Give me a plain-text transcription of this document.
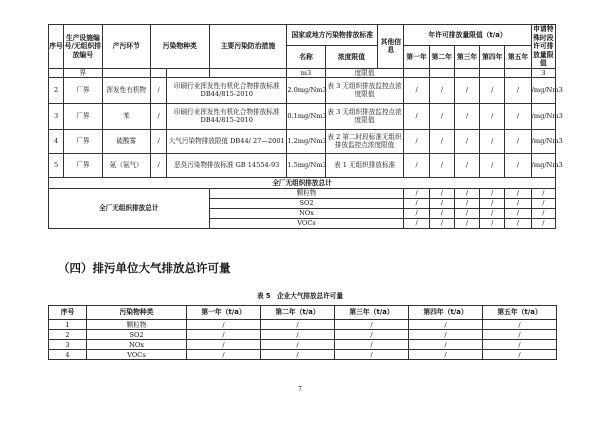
序号	生产设施编号/无组织排放编号	产污环节	污染物种类		主要污染防治措施	国家或地方污染物排放标准		其他信息	年许可排放量限值（t/a）					申请特殊时段许可排放量限值
						名称	浓度限值		第一年	第二年	第三年	第四年	第五年	
	界					m3	度限值							3
2	厂界	挥发性有机物	/	印刷行业挥发性有机化合物排放标准 DB44/815-2010		2.0mg/Nm3	表 3 无组织排放监控点浓度限值		/	/	/	/	/	/mg/Nm3
3	厂界	苯	/	印刷行业挥发性有机化合物排放标准 DB44/815-2010		0.1mg/Nm3	表 3 无组织排放监控点浓度限值		/	/	/	/	/	/mg/Nm3
4	厂界	硫酸雾	/	大气污染物排放限值 DB44/ 27—2001		1.2mg/Nm3	表 2 第二时段标准无组织排放监控点浓度限值		/	/	/	/	/	/mg/Nm3
5	厂界	氨（氨气）	/	恶臭污染物排放标准 GB 14554-93		1.5mg/Nm3	表 1 无组织排放标准		/	/	/	/	/	/mg/Nm3
全厂无组织排放总计														
全厂无组织排放总计					颗粒物				/	/	/	/	/	/
					SO2				/	/	/	/	/	/
					NOx				/	/	/	/	/	/
					VOCs				/	/	/	/	/	/
（四）排污单位大气排放总许可量
表 5　企业大气排放总许可量
序号	污染物种类	第一年（t/a）	第二年（t/a）	第三年（t/a）	第四年（t/a）	第五年（t/a）
1	颗粒物	/	/	/	/	/
2	SO2	/	/	/	/	/
3	NOx	/	/	/	/	/
4	VOCs	/	/	/	/	/
7
